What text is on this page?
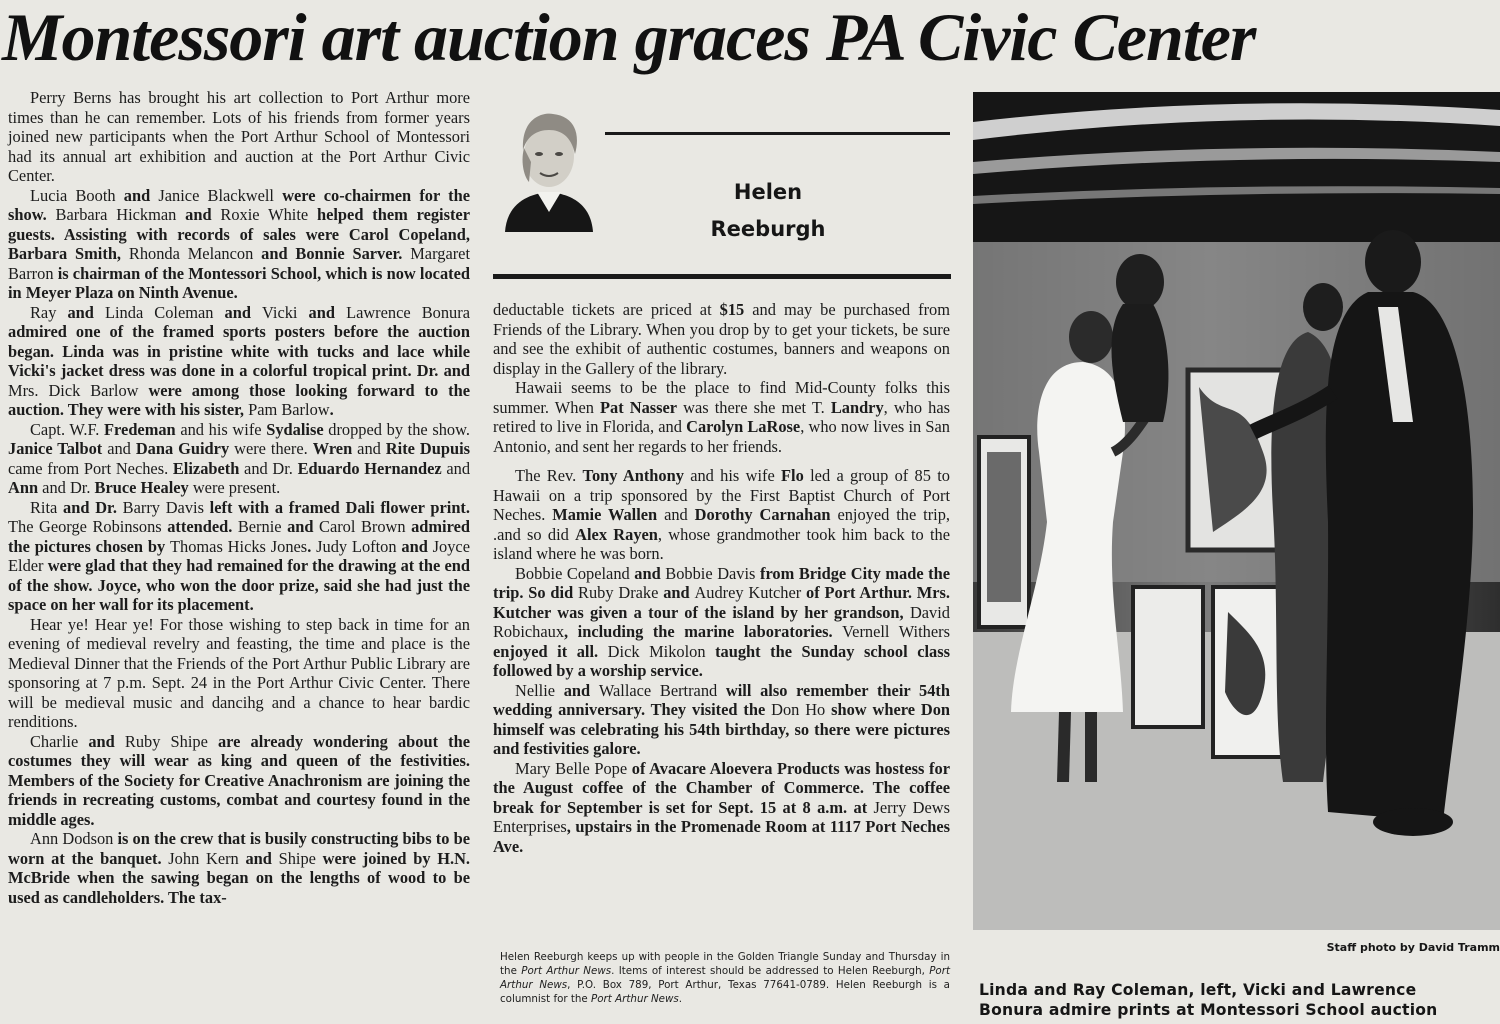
Montessori art auction graces PA Civic Center

Perry Berns has brought his art collection to Port Arthur more times than he can remember. Lots of his friends from former years joined new participants when the Port Arthur School of Montessori had its annual art exhibition and auction at the Port Arthur Civic Center.

Lucia Booth and Janice Blackwell were co-chairmen for the show. Barbara Hickman and Roxie White helped them register guests. Assisting with records of sales were Carol Copeland, Barbara Smith, Rhonda Melancon and Bonnie Sarver. Margaret Barron is chairman of the Montessori School, which is now located in Meyer Plaza on Ninth Avenue.

Ray and Linda Coleman and Vicki and Lawrence Bonura admired one of the framed sports posters before the auction began. Linda was in pristine white with tucks and lace while Vicki's jacket dress was done in a colorful tropical print. Dr. and Mrs. Dick Barlow were among those looking forward to the auction. They were with his sister, Pam Barlow.

Capt. W.F. Fredeman and his wife Sydalise dropped by the show. Janice Talbot and Dana Guidry were there. Wren and Rite Dupuis came from Port Neches. Elizabeth and Dr. Eduardo Hernandez and Ann and Dr. Bruce Healey were present.

Rita and Dr. Barry Davis left with a framed Dali flower print. The George Robinsons attended. Bernie and Carol Brown admired the pictures chosen by Thomas Hicks Jones. Judy Lofton and Joyce Elder were glad that they had remained for the drawing at the end of the show. Joyce, who won the door prize, said she had just the space on her wall for its placement.

Hear ye! Hear ye! For those wishing to step back in time for an evening of medieval revelry and feasting, the time and place is the Medieval Dinner that the Friends of the Port Arthur Public Library are sponsoring at 7 p.m. Sept. 24 in the Port Arthur Civic Center. There will be medieval music and dancihg and a chance to hear bardic renditions.

Charlie and Ruby Shipe are already wondering about the costumes they will wear as king and queen of the festivities. Members of the Society for Creative Anachronism are joining the friends in recreating customs, combat and courtesy found in the middle ages.

Ann Dodson is on the crew that is busily constructing bibs to be worn at the banquet. John Kern and Shipe were joined by H.N. McBride when the sawing began on the lengths of wood to be used as candleholders. The tax-

Helen
Reeburgh

deductable tickets are priced at $15 and may be purchased from Friends of the Library. When you drop by to get your tickets, be sure and see the exhibit of authentic costumes, banners and weapons on display in the Gallery of the library.

Hawaii seems to be the place to find Mid-County folks this summer. When Pat Nasser was there she met T. Landry, who has retired to live in Florida, and Carolyn LaRose, who now lives in San Antonio, and sent her regards to her friends.

The Rev. Tony Anthony and his wife Flo led a group of 85 to Hawaii on a trip sponsored by the First Baptist Church of Port Neches. Mamie Wallen and Dorothy Carnahan enjoyed the trip, .and so did Alex Rayen, whose grandmother took him back to the island where he was born.

Bobbie Copeland and Bobbie Davis from Bridge City made the trip. So did Ruby Drake and Audrey Kutcher of Port Arthur. Mrs. Kutcher was given a tour of the island by her grandson, David Robichaux, including the marine laboratories. Vernell Withers enjoyed it all. Dick Mikolon taught the Sunday school class followed by a worship service.

Nellie and Wallace Bertrand will also remember their 54th wedding anniversary. They visited the Don Ho show where Don himself was celebrating his 54th birthday, so there were pictures and festivities galore.

Mary Belle Pope of Avacare Aloevera Products was hostess for the August coffee of the Chamber of Commerce. The coffee break for September is set for Sept. 15 at 8 a.m. at Jerry Dews Enterprises, upstairs in the Promenade Room at 1117 Port Neches Ave.

Helen Reeburgh keeps up with people in the Golden Triangle Sunday and Thursday in the Port Arthur News. Items of interest should be addressed to Helen Reeburgh, Port Arthur News, P.O. Box 789, Port Arthur, Texas 77641-0789. Helen Reeburgh is a columnist for the Port Arthur News.
Staff photo by David Tramm
Linda and Ray Coleman, left, Vicki and Lawrence
Bonura admire prints at Montessori School auction
